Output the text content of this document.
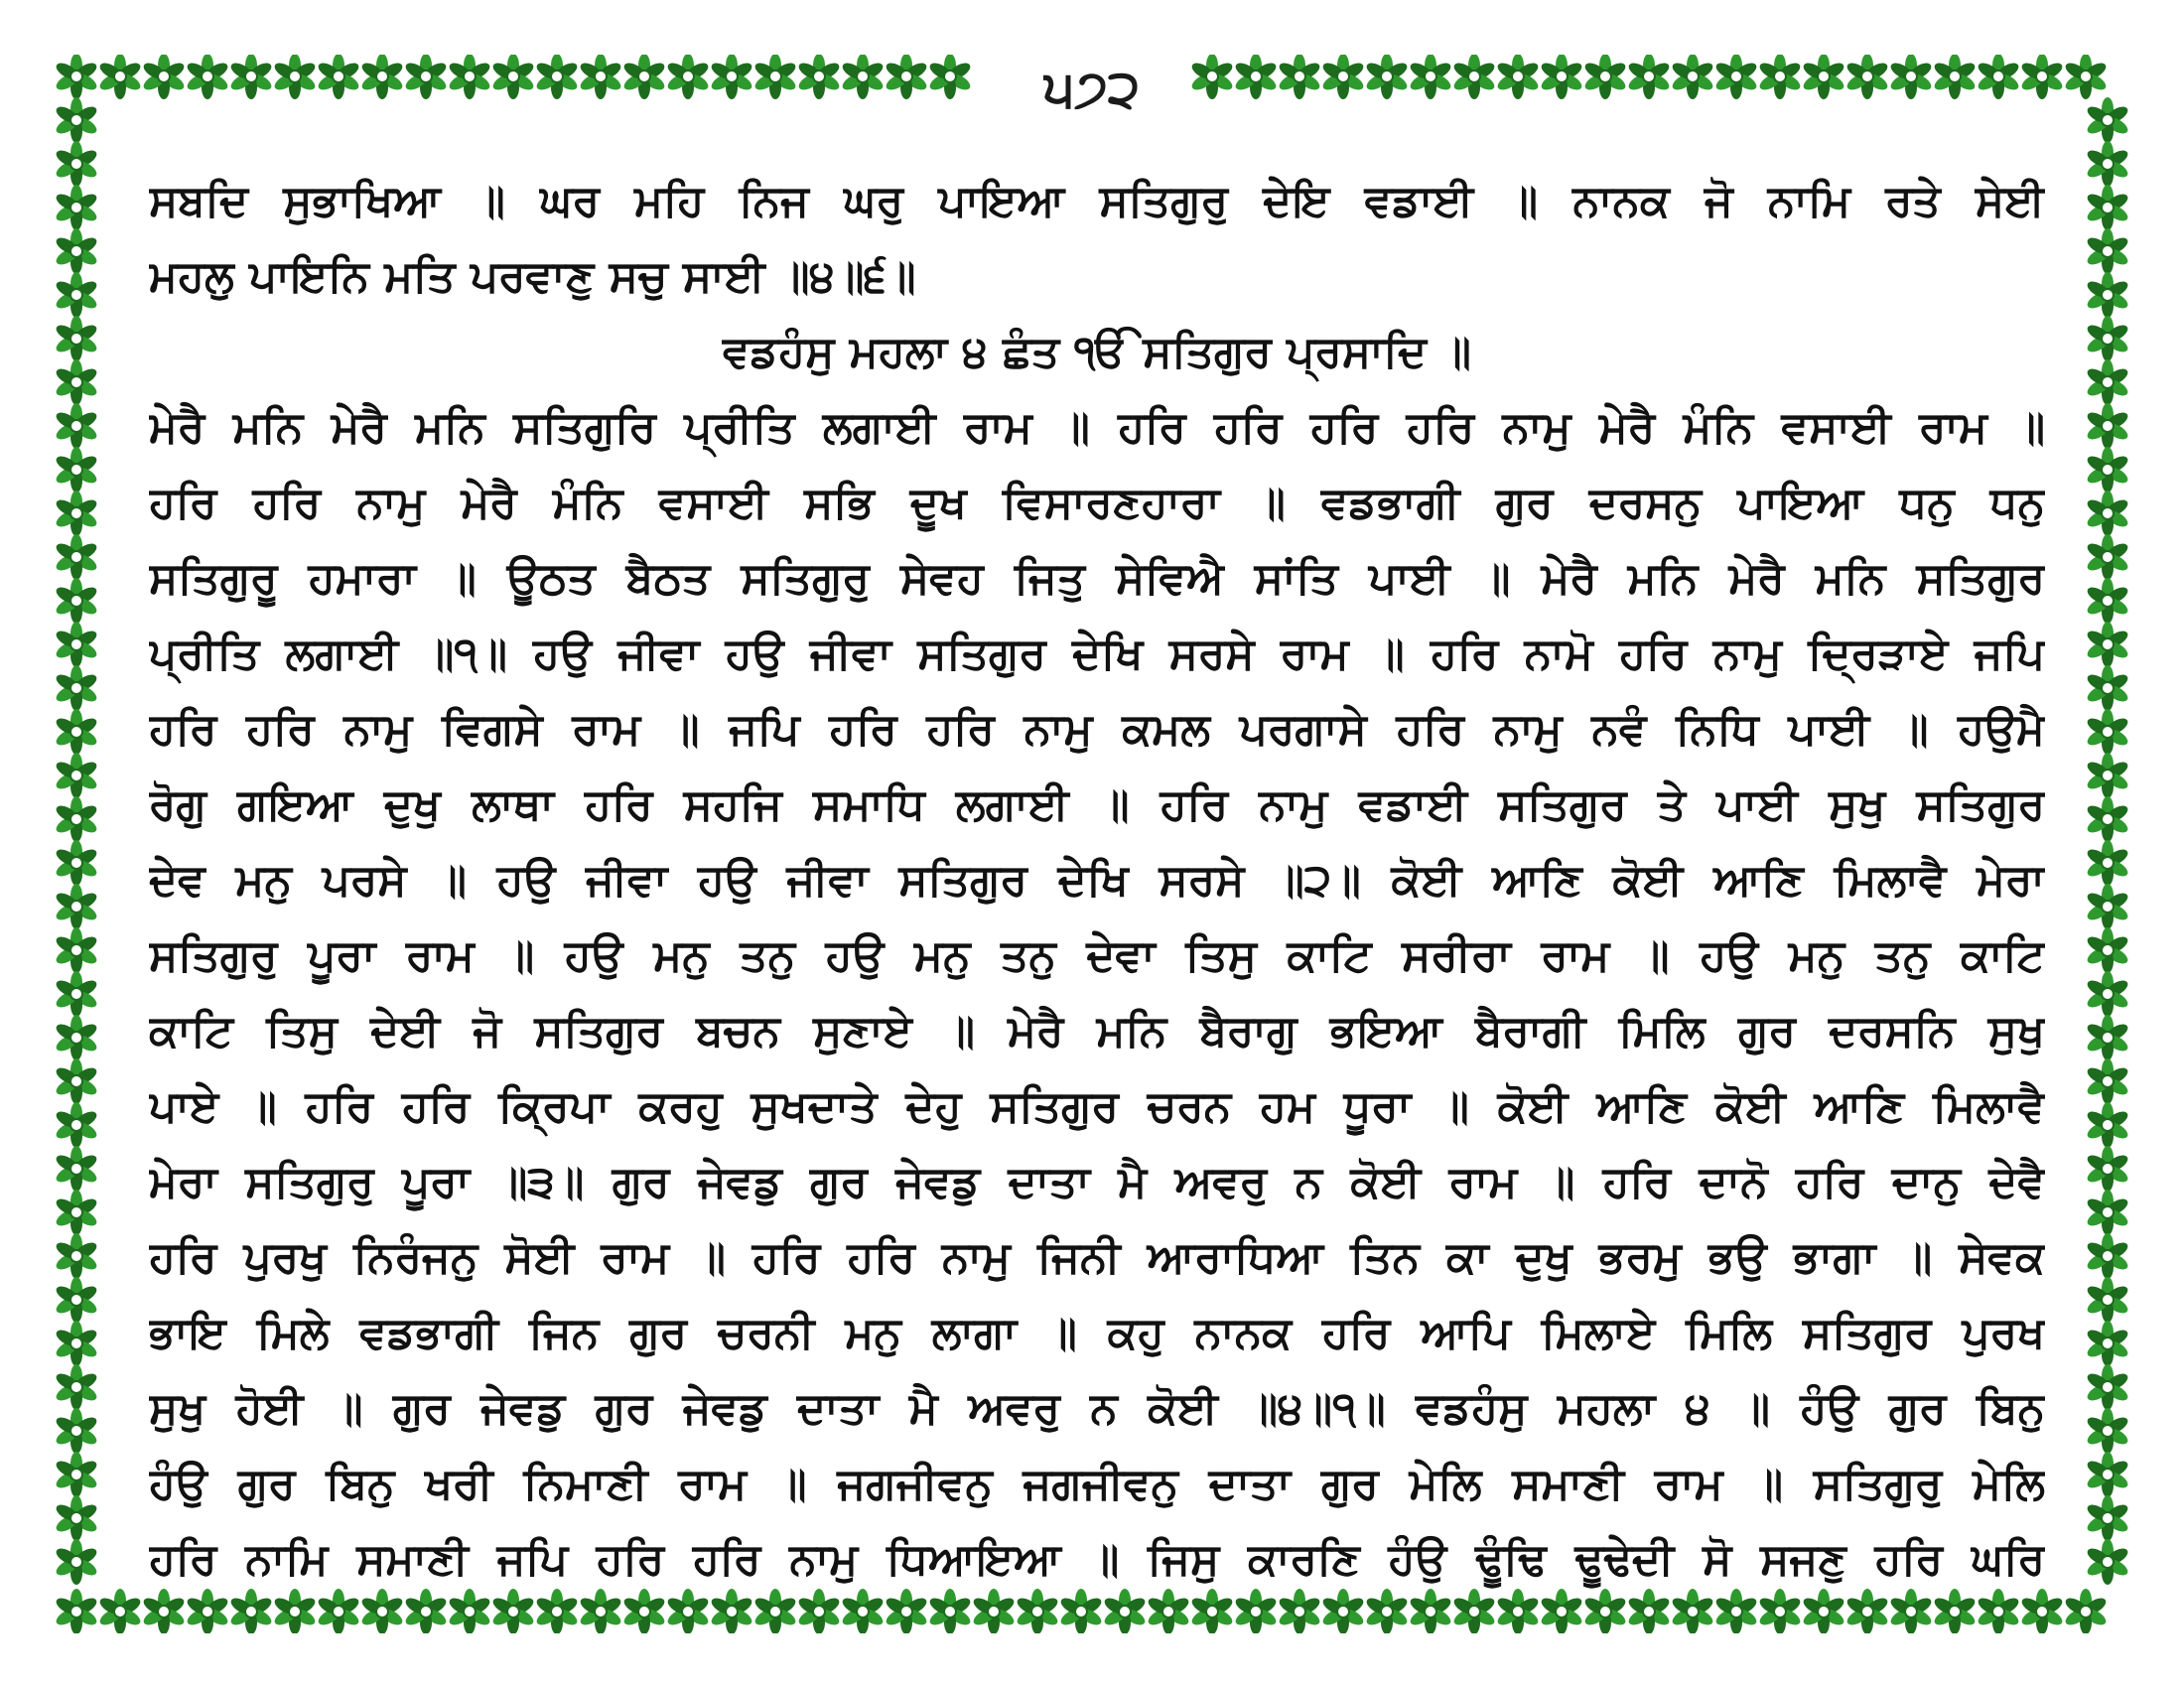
੫੭੨
ਸਬਦਿ ਸੁਭਾਖਿਆ ॥ ਘਰ ਮਹਿ ਨਿਜ ਘਰੁ ਪਾਇਆ ਸਤਿਗੁਰੁ ਦੇਇ ਵਡਾਈ ॥ ਨਾਨਕ ਜੋ ਨਾਮਿ ਰਤੇ ਸੇਈ
ਮਹਲੁ ਪਾਇਨਿ ਮਤਿ ਪਰਵਾਣੁ ਸਚੁ ਸਾਈ ॥੪॥੬॥
ਵਡਹੰਸੁ ਮਹਲਾ ੪ ਛੰਤ ੴ ਸਤਿਗੁਰ ਪ੍ਰਸਾਦਿ ॥
ਮੇਰੈ ਮਨਿ ਮੇਰੈ ਮਨਿ ਸਤਿਗੁਰਿ ਪ੍ਰੀਤਿ ਲਗਾਈ ਰਾਮ ॥ ਹਰਿ ਹਰਿ ਹਰਿ ਹਰਿ ਨਾਮੁ ਮੇਰੈ ਮੰਨਿ ਵਸਾਈ ਰਾਮ ॥
ਹਰਿ ਹਰਿ ਨਾਮੁ ਮੇਰੈ ਮੰਨਿ ਵਸਾਈ ਸਭਿ ਦੂਖ ਵਿਸਾਰਣਹਾਰਾ ॥ ਵਡਭਾਗੀ ਗੁਰ ਦਰਸਨੁ ਪਾਇਆ ਧਨੁ ਧਨੁ
ਸਤਿਗੁਰੂ ਹਮਾਰਾ ॥ ਊਠਤ ਬੈਠਤ ਸਤਿਗੁਰੁ ਸੇਵਹ ਜਿਤੁ ਸੇਵਿਐ ਸਾਂਤਿ ਪਾਈ ॥ ਮੇਰੈ ਮਨਿ ਮੇਰੈ ਮਨਿ ਸਤਿਗੁਰ
ਪ੍ਰੀਤਿ ਲਗਾਈ ॥੧॥ ਹਉ ਜੀਵਾ ਹਉ ਜੀਵਾ ਸਤਿਗੁਰ ਦੇਖਿ ਸਰਸੇ ਰਾਮ ॥ ਹਰਿ ਨਾਮੋ ਹਰਿ ਨਾਮੁ ਦ੍ਰਿੜਾਏ ਜਪਿ
ਹਰਿ ਹਰਿ ਨਾਮੁ ਵਿਗਸੇ ਰਾਮ ॥ ਜਪਿ ਹਰਿ ਹਰਿ ਨਾਮੁ ਕਮਲ ਪਰਗਾਸੇ ਹਰਿ ਨਾਮੁ ਨਵੰ ਨਿਧਿ ਪਾਈ ॥ ਹਉਮੈ
ਰੋਗੁ ਗਇਆ ਦੁਖੁ ਲਾਥਾ ਹਰਿ ਸਹਜਿ ਸਮਾਧਿ ਲਗਾਈ ॥ ਹਰਿ ਨਾਮੁ ਵਡਾਈ ਸਤਿਗੁਰ ਤੇ ਪਾਈ ਸੁਖੁ ਸਤਿਗੁਰ
ਦੇਵ ਮਨੁ ਪਰਸੇ ॥ ਹਉ ਜੀਵਾ ਹਉ ਜੀਵਾ ਸਤਿਗੁਰ ਦੇਖਿ ਸਰਸੇ ॥੨॥ ਕੋਈ ਆਣਿ ਕੋਈ ਆਣਿ ਮਿਲਾਵੈ ਮੇਰਾ
ਸਤਿਗੁਰੁ ਪੂਰਾ ਰਾਮ ॥ ਹਉ ਮਨੁ ਤਨੁ ਹਉ ਮਨੁ ਤਨੁ ਦੇਵਾ ਤਿਸੁ ਕਾਟਿ ਸਰੀਰਾ ਰਾਮ ॥ ਹਉ ਮਨੁ ਤਨੁ ਕਾਟਿ
ਕਾਟਿ ਤਿਸੁ ਦੇਈ ਜੋ ਸਤਿਗੁਰ ਬਚਨ ਸੁਣਾਏ ॥ ਮੇਰੈ ਮਨਿ ਬੈਰਾਗੁ ਭਇਆ ਬੈਰਾਗੀ ਮਿਲਿ ਗੁਰ ਦਰਸਨਿ ਸੁਖੁ
ਪਾਏ ॥ ਹਰਿ ਹਰਿ ਕ੍ਰਿਪਾ ਕਰਹੁ ਸੁਖਦਾਤੇ ਦੇਹੁ ਸਤਿਗੁਰ ਚਰਨ ਹਮ ਧੂਰਾ ॥ ਕੋਈ ਆਣਿ ਕੋਈ ਆਣਿ ਮਿਲਾਵੈ
ਮੇਰਾ ਸਤਿਗੁਰੁ ਪੂਰਾ ॥੩॥ ਗੁਰ ਜੇਵਡੁ ਗੁਰ ਜੇਵਡੁ ਦਾਤਾ ਮੈ ਅਵਰੁ ਨ ਕੋਈ ਰਾਮ ॥ ਹਰਿ ਦਾਨੋ ਹਰਿ ਦਾਨੁ ਦੇਵੈ
ਹਰਿ ਪੁਰਖੁ ਨਿਰੰਜਨੁ ਸੋਈ ਰਾਮ ॥ ਹਰਿ ਹਰਿ ਨਾਮੁ ਜਿਨੀ ਆਰਾਧਿਆ ਤਿਨ ਕਾ ਦੁਖੁ ਭਰਮੁ ਭਉ ਭਾਗਾ ॥ ਸੇਵਕ
ਭਾਇ ਮਿਲੇ ਵਡਭਾਗੀ ਜਿਨ ਗੁਰ ਚਰਨੀ ਮਨੁ ਲਾਗਾ ॥ ਕਹੁ ਨਾਨਕ ਹਰਿ ਆਪਿ ਮਿਲਾਏ ਮਿਲਿ ਸਤਿਗੁਰ ਪੁਰਖ
ਸੁਖੁ ਹੋਈ ॥ ਗੁਰ ਜੇਵਡੁ ਗੁਰ ਜੇਵਡੁ ਦਾਤਾ ਮੈ ਅਵਰੁ ਨ ਕੋਈ ॥੪॥੧॥ ਵਡਹੰਸੁ ਮਹਲਾ ੪ ॥ ਹੰਉ ਗੁਰ ਬਿਨੁ
ਹੰਉ ਗੁਰ ਬਿਨੁ ਖਰੀ ਨਿਮਾਣੀ ਰਾਮ ॥ ਜਗਜੀਵਨੁ ਜਗਜੀਵਨੁ ਦਾਤਾ ਗੁਰ ਮੇਲਿ ਸਮਾਣੀ ਰਾਮ ॥ ਸਤਿਗੁਰੁ ਮੇਲਿ
ਹਰਿ ਨਾਮਿ ਸਮਾਣੀ ਜਪਿ ਹਰਿ ਹਰਿ ਨਾਮੁ ਧਿਆਇਆ ॥ ਜਿਸੁ ਕਾਰਣਿ ਹੰਉ ਢੂੰਢਿ ਢੂਢੇਦੀ ਸੋ ਸਜਣੁ ਹਰਿ ਘਰਿ
